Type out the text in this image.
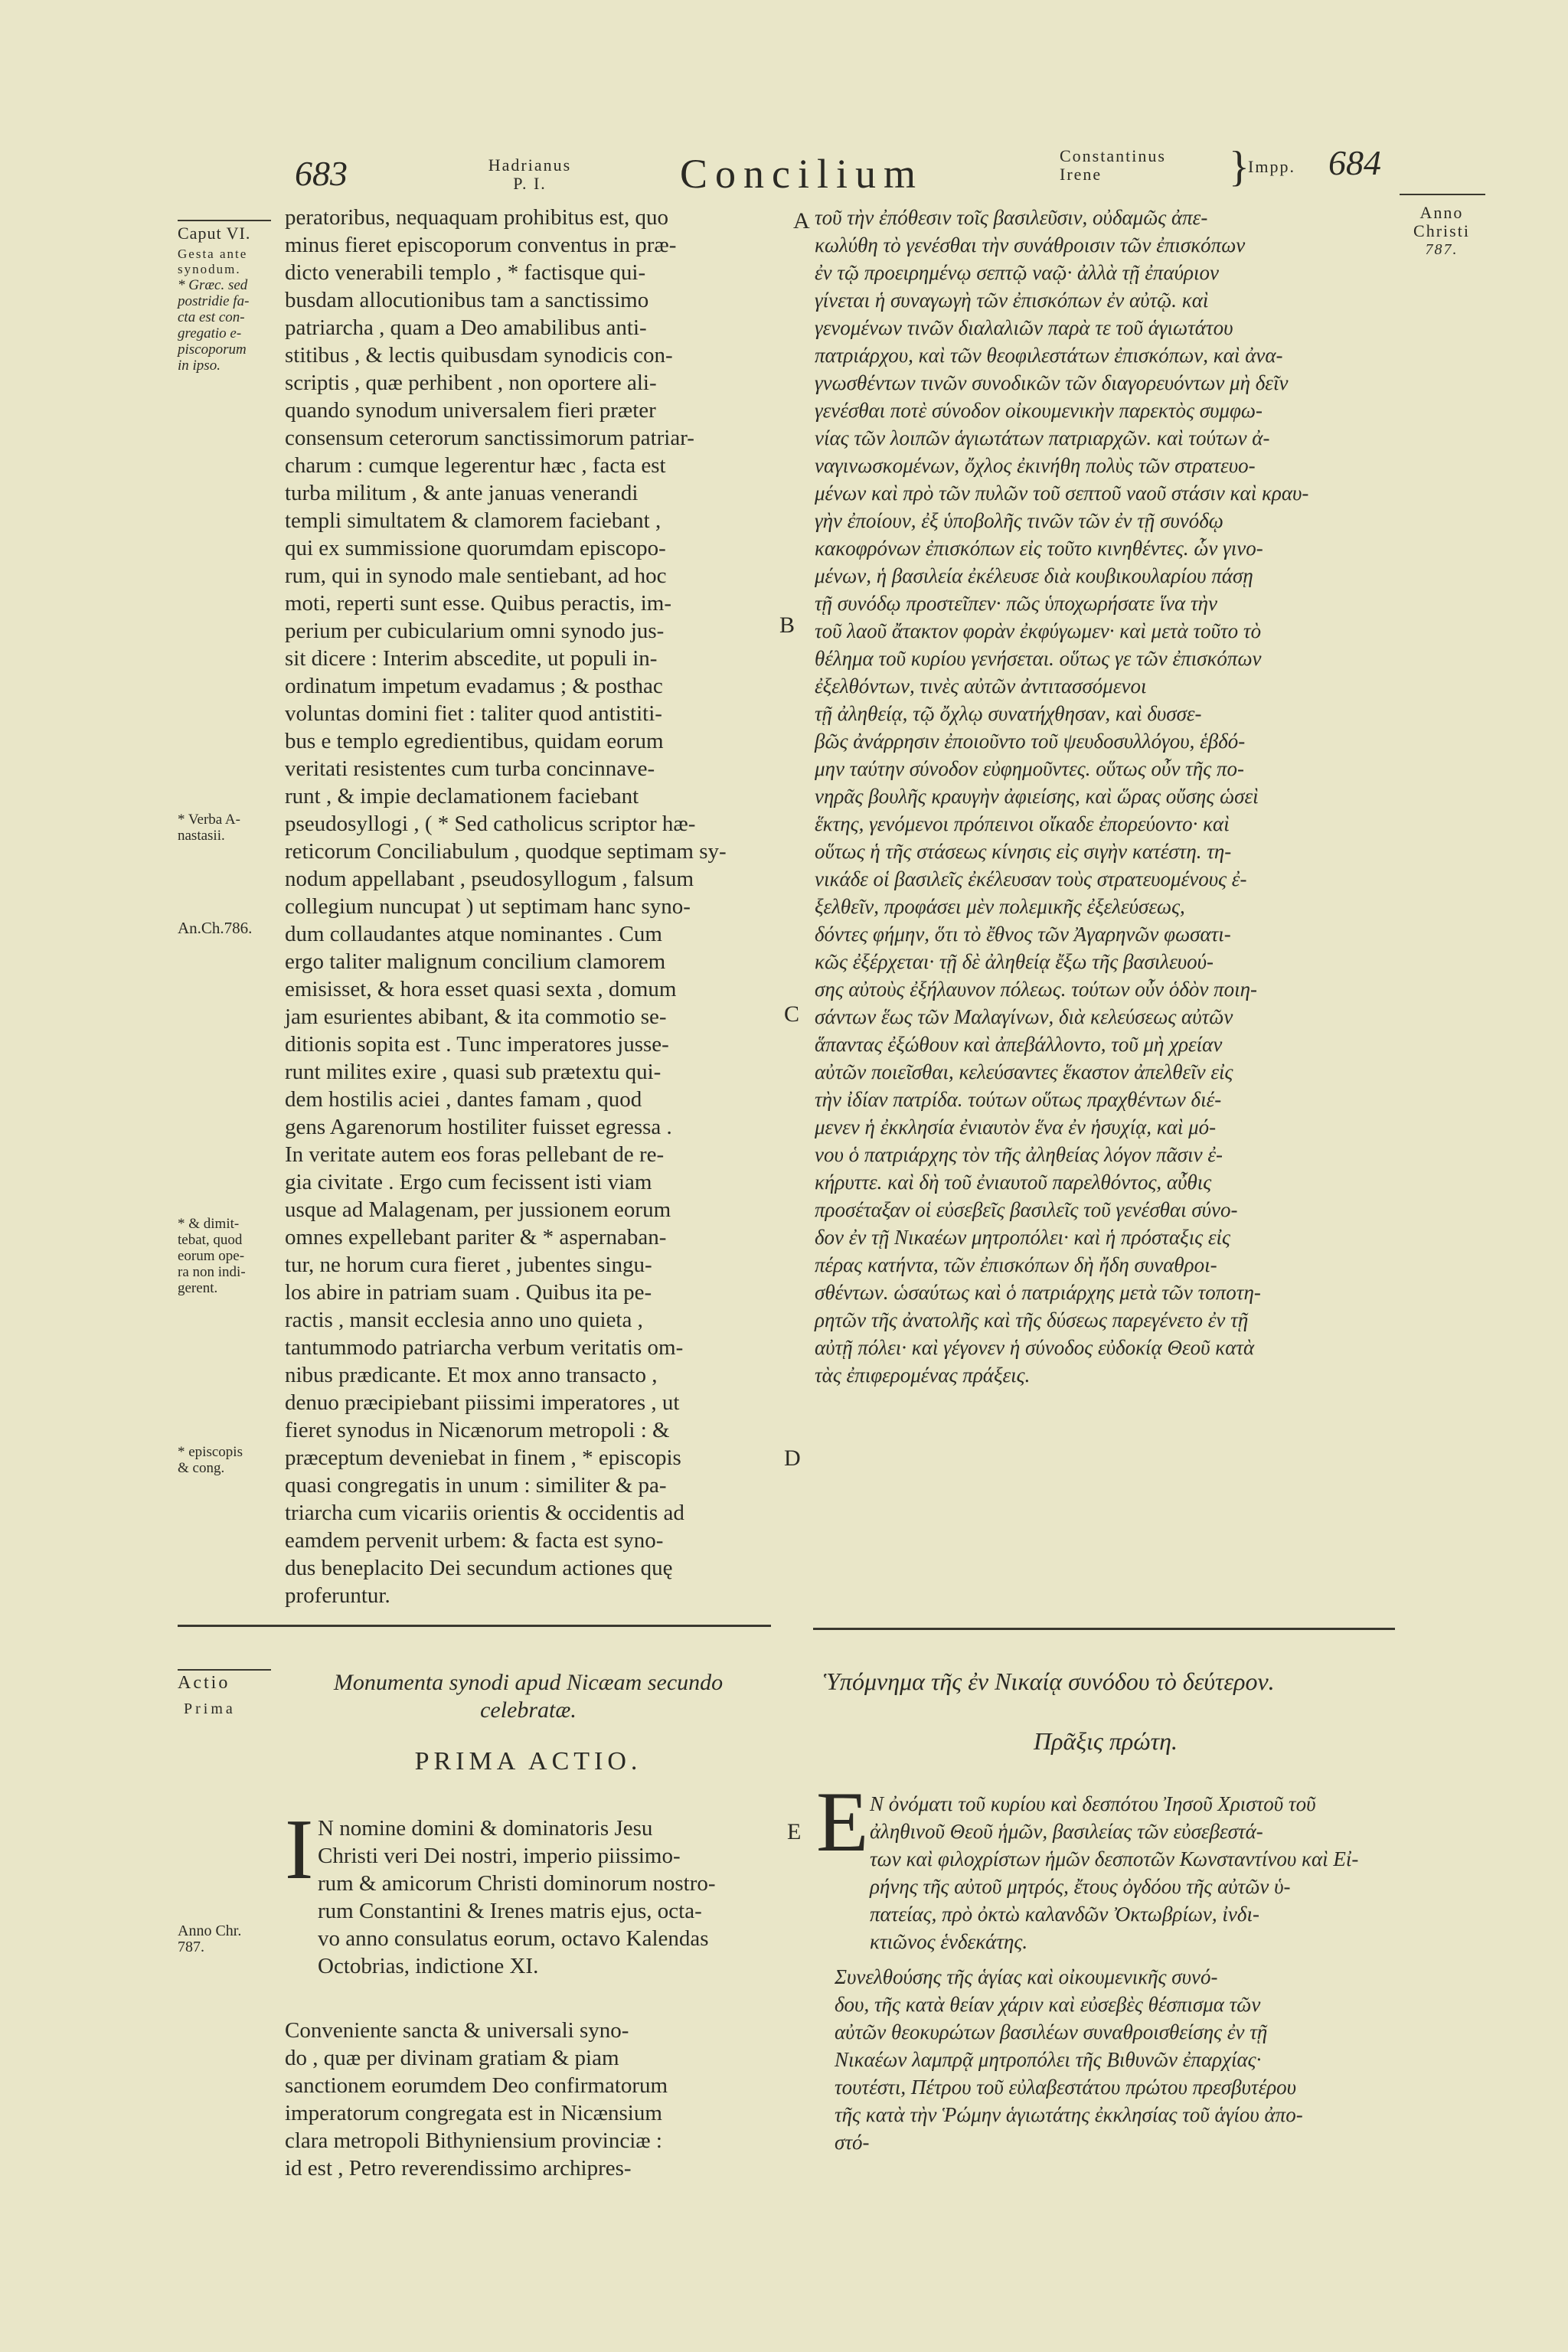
683	Hadrianus
P. I.	Concilium	Constantinus
Irene	}
Impp. 684
Caput VI.
Gesta ante
synodum.
* Græc. sed
postridie fa-
cta est con-
gregatio e-
piscoporum
in ipso.
* Verba A-
nastasii.
An.Ch.786.
* & dimit-
tebat, quod
eorum ope-
ra non indi-
gerent.
* episcopis
& cong.
Anno
Christi
787.
A
B
C
D
E
peratoribus, nequaquam prohibitus est, quo
minus fieret episcoporum conventus in præ-
dicto venerabili templo , * factisque qui-
busdam allocutionibus tam a sanctissimo
patriarcha , quam a Deo amabilibus anti-
stitibus , & lectis quibusdam synodicis con-
scriptis , quæ perhibent , non oportere ali-
quando synodum universalem fieri præter
consensum ceterorum sanctissimorum patriar-
charum : cumque legerentur hæc , facta est
turba militum , & ante januas venerandi
templi simultatem & clamorem faciebant ,
qui ex summissione quorumdam episcopo-
rum, qui in synodo male sentiebant, ad hoc
moti, reperti sunt esse. Quibus peractis, im-
perium per cubicularium omni synodo jus-
sit dicere : Interim abscedite, ut populi in-
ordinatum impetum evadamus ; & posthac
voluntas domini fiet : taliter quod antistiti-
bus e templo egredientibus, quidam eorum
veritati resistentes cum turba concinnave-
runt , & impie declamationem faciebant
pseudosyllogi , ( * Sed catholicus scriptor hæ-
reticorum Conciliabulum , quodque septimam sy-
nodum appellabant , pseudosyllogum , falsum
collegium nuncupat ) ut septimam hanc syno-
dum collaudantes atque nominantes . Cum
ergo taliter malignum concilium clamorem
emisisset, & hora esset quasi sexta , domum
jam esurientes abibant, & ita commotio se-
ditionis sopita est . Tunc imperatores jusse-
runt milites exire , quasi sub prætextu qui-
dem hostilis aciei , dantes famam , quod
gens Agarenorum hostiliter fuisset egressa .
In veritate autem eos foras pellebant de re-
gia civitate . Ergo cum fecissent isti viam
usque ad Malagenam, per jussionem eorum
omnes expellebant pariter & * aspernaban-
tur, ne horum cura fieret , jubentes singu-
los abire in patriam suam . Quibus ita pe-
ractis , mansit ecclesia anno uno quieta ,
tantummodo patriarcha verbum veritatis om-
nibus prædicante. Et mox anno transacto ,
denuo præcipiebant piissimi imperatores , ut
fieret synodus in Nicænorum metropoli : &
præceptum deveniebat in finem , * episcopis
quasi congregatis in unum : similiter & pa-
triarcha cum vicariis orientis & occidentis ad
eamdem pervenit urbem: & facta est syno-
dus beneplacito Dei secundum actiones quę
proferuntur.
τοῦ τὴν ἐπόθεσιν τοῖς βασιλεῦσιν, οὐδαμῶς ἀπε-
κωλύθη τὸ γενέσθαι τὴν συνάθροισιν τῶν ἐπισκόπων
ἐν τῷ προειρημένῳ σεπτῷ ναῷ· ἀλλὰ τῇ ἐπαύριον
γίνεται ἡ συναγωγὴ τῶν ἐπισκόπων ἐν αὐτῷ. καὶ
γενομένων τινῶν διαλαλιῶν παρὰ τε τοῦ ἁγιωτάτου
πατριάρχου, καὶ τῶν θεοφιλεστάτων ἐπισκόπων, καὶ ἀνα-
γνωσθέντων τινῶν συνοδικῶν τῶν διαγορευόντων μὴ δεῖν
γενέσθαι ποτὲ σύνοδον οἰκουμενικὴν παρεκτὸς συμφω-
νίας τῶν λοιπῶν ἁγιωτάτων πατριαρχῶν. καὶ τούτων ἀ-
ναγινωσκομένων, ὄχλος ἐκινήθη πολὺς τῶν στρατευο-
μένων καὶ πρὸ τῶν πυλῶν τοῦ σεπτοῦ ναοῦ στάσιν καὶ κραυ-
γὴν ἐποίουν, ἐξ ὑποβολῆς τινῶν τῶν ἐν τῇ συνόδῳ
κακοφρόνων ἐπισκόπων εἰς τοῦτο κινηθέντες. ὧν γινο-
μένων, ἡ βασιλεία ἐκέλευσε διὰ κουβικουλαρίου πάσῃ
τῇ συνόδῳ προστεῖπεν· πῶς ὑποχωρήσατε ἵνα τὴν
τοῦ λαοῦ ἄτακτον φορὰν ἐκφύγωμεν· καὶ μετὰ τοῦτο τὸ
θέλημα τοῦ κυρίου γενήσεται. οὕτως γε τῶν ἐπισκόπων
ἐξελθόντων, τινὲς αὐτῶν ἀντιτασσόμενοι
τῇ ἀληθείᾳ, τῷ ὄχλῳ συνατήχθησαν, καὶ δυσσε-
βῶς ἀνάρρησιν ἐποιοῦντο τοῦ ψευδοσυλλόγου, ἑβδό-
μην ταύτην σύνοδον εὐφημοῦντες. οὕτως οὖν τῆς πο-
νηρᾶς βουλῆς κραυγὴν ἀφιείσης, καὶ ὥρας οὔσης ὡσεὶ
ἕκτης, γενόμενοι πρόπεινοι οἴκαδε ἐπορεύοντο· καὶ
οὕτως ἡ τῆς στάσεως κίνησις εἰς σιγὴν κατέστη. τη-
νικάδε οἱ βασιλεῖς ἐκέλευσαν τοὺς στρατευομένους ἐ-
ξελθεῖν, προφάσει μὲν πολεμικῆς ἐξελεύσεως,
δόντες φήμην, ὅτι τὸ ἔθνος τῶν Ἀγαρηνῶν φωσατι-
κῶς ἐξέρχεται· τῇ δὲ ἀληθείᾳ ἔξω τῆς βασιλευού-
σης αὐτοὺς ἐξήλαυνον πόλεως. τούτων οὖν ὁδὸν ποιη-
σάντων ἕως τῶν Μαλαγίνων, διὰ κελεύσεως αὐτῶν
ἅπαντας ἐξώθουν καὶ ἀπεβάλλοντο, τοῦ μὴ χρείαν
αὐτῶν ποιεῖσθαι, κελεύσαντες ἕκαστον ἀπελθεῖν εἰς
τὴν ἰδίαν πατρίδα. τούτων οὕτως πραχθέντων διέ-
μενεν ἡ ἐκκλησία ἐνιαυτὸν ἕνα ἐν ἡσυχίᾳ, καὶ μό-
νου ὁ πατριάρχης τὸν τῆς ἀληθείας λόγον πᾶσιν ἐ-
κήρυττε. καὶ δὴ τοῦ ἐνιαυτοῦ παρελθόντος, αὖθις
προσέταξαν οἱ εὐσεβεῖς βασιλεῖς τοῦ γενέσθαι σύνο-
δον ἐν τῇ Νικαέων μητροπόλει· καὶ ἡ πρόσταξις εἰς
πέρας κατήντα, τῶν ἐπισκόπων δὴ ἤδη συναθροι-
σθέντων. ὡσαύτως καὶ ὁ πατριάρχης μετὰ τῶν τοποτη-
ρητῶν τῆς ἀνατολῆς καὶ τῆς δύσεως παρεγένετο ἐν τῇ
αὐτῇ πόλει· καὶ γέγονεν ἡ σύνοδος εὐδοκίᾳ Θεοῦ κατὰ
τὰς ἐπιφερομένας πράξεις.
Actio
Prima
Anno Chr.
787.
Monumenta synodi apud Nicæam secundo
celebratæ.
PRIMA ACTIO.
I N nomine domini & dominatoris Jesu
Christi veri Dei nostri, imperio piissimo-
rum & amicorum Christi dominorum nostro-
rum Constantini & Irenes matris ejus, octa-
vo anno consulatus eorum, octavo Kalendas
Octobrias, indictione XI.
Conveniente sancta & universali syno-
do , quæ per divinam gratiam & piam
sanctionem eorumdem Deo confirmatorum
imperatorum congregata est in Nicænsium
clara metropoli Bithyniensium provinciæ :
id est , Petro reverendissimo archipres-
Ὑπόμνημα τῆς ἐν Νικαίᾳ συνόδου τὸ δεύτερον.
Πρᾶξις πρώτη.
E Ν ὀνόματι τοῦ κυρίου καὶ δεσπότου Ἰησοῦ Χριστοῦ τοῦ
ἀληθινοῦ Θεοῦ ἡμῶν, βασιλείας τῶν εὐσεβεστά-
των καὶ φιλοχρίστων ἡμῶν δεσποτῶν Κωνσταντίνου καὶ Εἰ-
ρήνης τῆς αὐτοῦ μητρός, ἔτους ὀγδόου τῆς αὐτῶν ὑ-
πατείας, πρὸ ὀκτὼ καλανδῶν Ὀκτωβρίων, ἰνδι-
κτιῶνος ἑνδεκάτης.
Συνελθούσης τῆς ἁγίας καὶ οἰκουμενικῆς συνό-
δου, τῆς κατὰ θείαν χάριν καὶ εὐσεβὲς θέσπισμα τῶν
αὐτῶν θεοκυρώτων βασιλέων συναθροισθείσης ἐν τῇ
Νικαέων λαμπρᾷ μητροπόλει τῆς Βιθυνῶν ἐπαρχίας·
τουτέστι, Πέτρου τοῦ εὐλαβεστάτου πρώτου πρεσβυτέρου
τῆς κατὰ τὴν Ῥώμην ἁγιωτάτης ἐκκλησίας τοῦ ἁγίου ἀπο-
στό-
